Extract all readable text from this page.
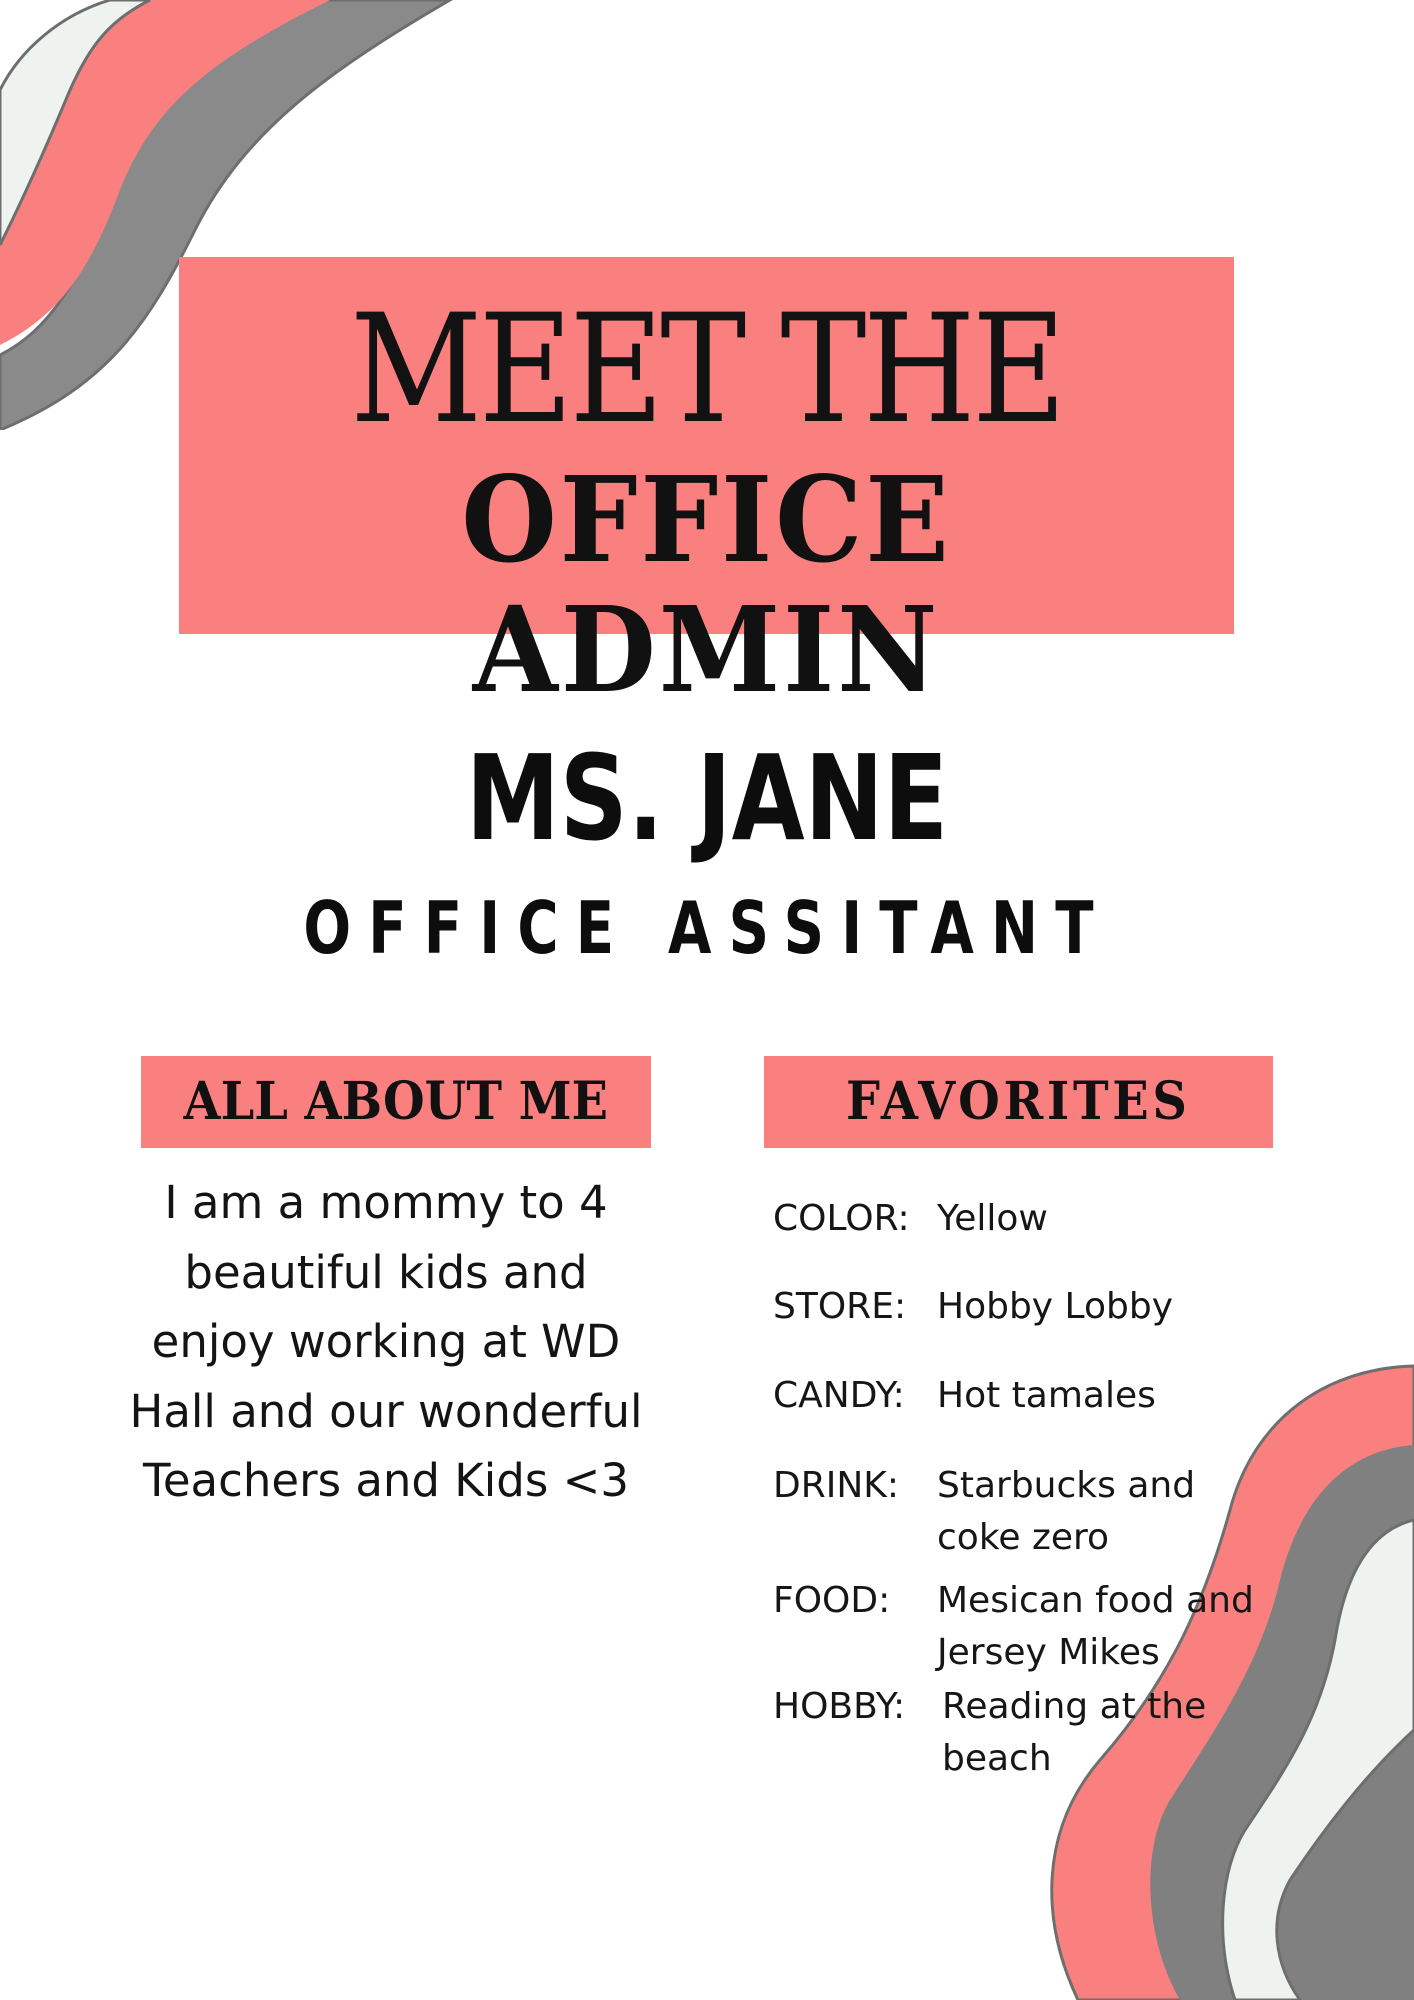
MEET THE
OFFICE ADMIN
MS. JANE
OFFICE ASSITANT
ALL ABOUT ME
I am a mommy to 4 beautiful kids and enjoy working at WD Hall and our wonderful Teachers and Kids <3
FAVORITES
COLOR: Yellow
STORE: Hobby Lobby
CANDY: Hot tamales
DRINK: Starbucks and coke zero
FOOD: Mesican food and Jersey Mikes
HOBBY: Reading at the beach
